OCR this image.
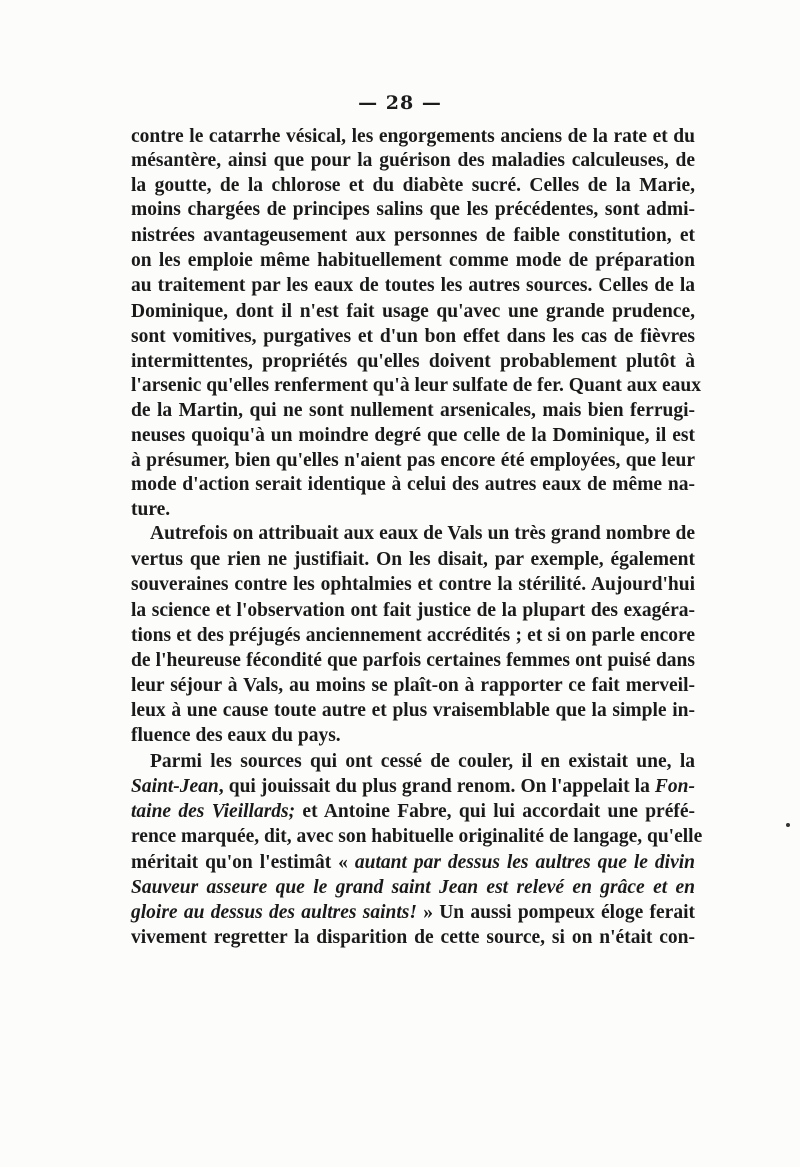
— 28 —
contre le catarrhe vésical, les engorgements anciens de la rate et du
mésantère, ainsi que pour la guérison des maladies calculeuses, de
la goutte, de la chlorose et du diabète sucré. Celles de la Marie,
moins chargées de principes salins que les précédentes, sont admi-
nistrées avantageusement aux personnes de faible constitution, et
on les emploie même habituellement comme mode de préparation
au traitement par les eaux de toutes les autres sources. Celles de la
Dominique, dont il n'est fait usage qu'avec une grande prudence,
sont vomitives, purgatives et d'un bon effet dans les cas de fièvres
intermittentes, propriétés qu'elles doivent probablement plutôt à
l'arsenic qu'elles renferment qu'à leur sulfate de fer. Quant aux eaux
de la Martin, qui ne sont nullement arsenicales, mais bien ferrugi-
neuses quoiqu'à un moindre degré que celle de la Dominique, il est
à présumer, bien qu'elles n'aient pas encore été employées, que leur
mode d'action serait identique à celui des autres eaux de même na-
ture.
Autrefois on attribuait aux eaux de Vals un très grand nombre de
vertus que rien ne justifiait. On les disait, par exemple, également
souveraines contre les ophtalmies et contre la stérilité. Aujourd'hui
la science et l'observation ont fait justice de la plupart des exagéra-
tions et des préjugés anciennement accrédités ; et si on parle encore
de l'heureuse fécondité que parfois certaines femmes ont puisé dans
leur séjour à Vals, au moins se plaît-on à rapporter ce fait merveil-
leux à une cause toute autre et plus vraisemblable que la simple in-
fluence des eaux du pays.
Parmi les sources qui ont cessé de couler, il en existait une, la
Saint-Jean, qui jouissait du plus grand renom. On l'appelait la Fon-
taine des Vieillards; et Antoine Fabre, qui lui accordait une préfé-
rence marquée, dit, avec son habituelle originalité de langage, qu'elle
méritait qu'on l'estimât « autant par dessus les aultres que le divin
Sauveur asseure que le grand saint Jean est relevé en grâce et en
gloire au dessus des aultres saints! » Un aussi pompeux éloge ferait
vivement regretter la disparition de cette source, si on n'était con-
